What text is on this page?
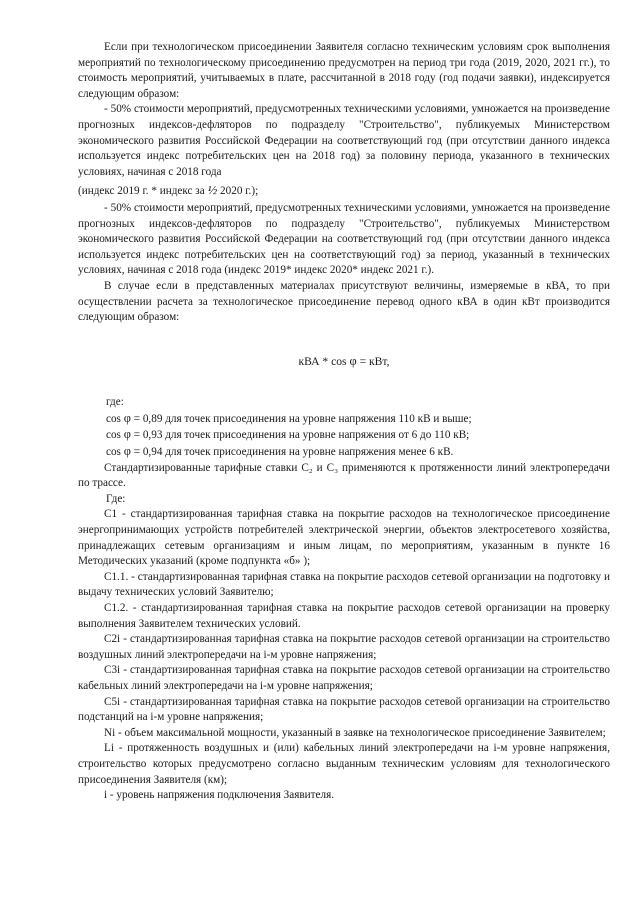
Если при технологическом присоединении Заявителя согласно техническим условиям срок выполнения мероприятий по технологическому присоединению предусмотрен на период три года (2019, 2020, 2021 гг.), то стоимость мероприятий, учитываемых в плате, рассчитанной в 2018 году (год подачи заявки), индексируется следующим образом:

- 50% стоимости мероприятий, предусмотренных техническими условиями, умножается на произведение прогнозных индексов-дефляторов по подразделу "Строительство", публикуемых Министерством экономического развития Российской Федерации на соответствующий год (при отсутствии данного индекса используется индекс потребительских цен на 2018 год) за половину периода, указанного в технических условиях, начиная с 2018 года

(индекс 2019 г. * индекс за ½ 2020 г.);

- 50% стоимости мероприятий, предусмотренных техническими условиями, умножается на произведение прогнозных индексов-дефляторов по подразделу "Строительство", публикуемых Министерством экономического развития Российской Федерации на соответствующий год (при отсутствии данного индекса используется индекс потребительских цен на соответствующий год) за период, указанный в технических условиях, начиная с 2018 года (индекс 2019* индекс 2020* индекс 2021 г.).

В случае если в представленных материалах присутствуют величины, измеряемые в кВА, то при осуществлении расчета за технологическое присоединение перевод одного кВА в один кВт производится следующим образом:

кВА * cos φ = кВт,

где:

cos φ = 0,89 для точек присоединения на уровне напряжения 110 кВ и выше;

cos φ = 0,93 для точек присоединения на уровне напряжения от 6 до 110 кВ;

cos φ = 0,94 для точек присоединения на уровне напряжения менее 6 кВ.

Стандартизированные тарифные ставки C₂ и C₃ применяются к протяженности линий электропередачи по трассе.

Где:

C1 - стандартизированная тарифная ставка на покрытие расходов на технологическое присоединение энергопринимающих устройств потребителей электрической энергии, объектов электросетевого хозяйства, принадлежащих сетевым организациям и иным лицам, по мероприятиям, указанным в пункте 16 Методических указаний (кроме подпункта «б» );

C1.1. - стандартизированная тарифная ставка на покрытие расходов сетевой организации на подготовку и выдачу технических условий Заявителю;

C1.2. - стандартизированная тарифная ставка на покрытие расходов сетевой организации на проверку выполнения Заявителем технических условий.

C2i - стандартизированная тарифная ставка на покрытие расходов сетевой организации на строительство воздушных линий электропередачи на i-м уровне напряжения;

C3i - стандартизированная тарифная ставка на покрытие расходов сетевой организации на строительство кабельных линий электропередачи на i-м уровне напряжения;

C5i - стандартизированная тарифная ставка на покрытие расходов сетевой организации на строительство подстанций на i-м уровне напряжения;

Ni - объем максимальной мощности, указанный в заявке на технологическое присоединение Заявителем;

Li - протяженность воздушных и (или) кабельных линий электропередачи на i-м уровне напряжения, строительство которых предусмотрено согласно выданным техническим условиям для технологического присоединения Заявителя (км);

i - уровень напряжения подключения Заявителя.
